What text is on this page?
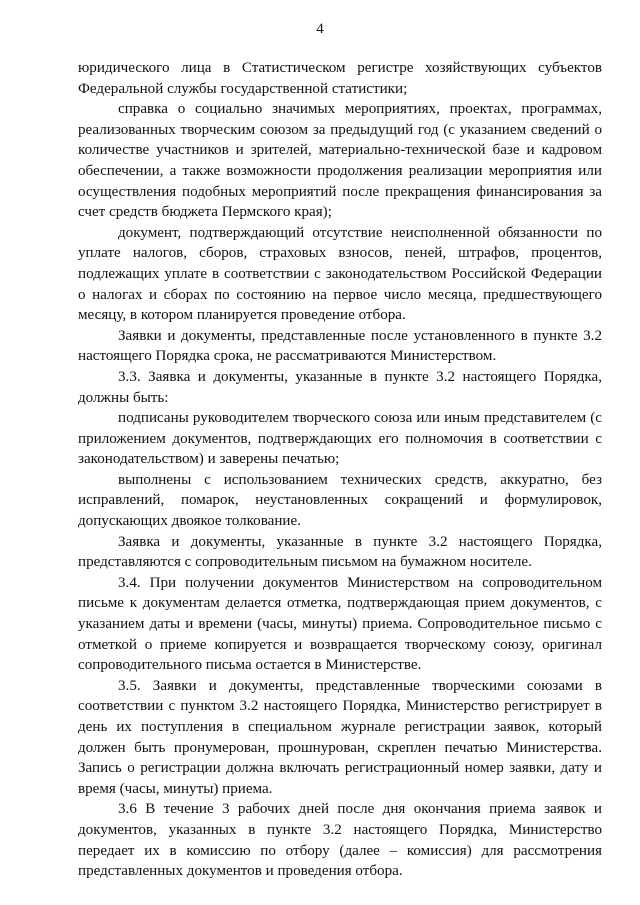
4

юридического лица в Статистическом регистре хозяйствующих субъектов Федеральной службы государственной статистики;

справка о социально значимых мероприятиях, проектах, программах, реализованных творческим союзом за предыдущий год (с указанием сведений о количестве участников и зрителей, материально-технической базе и кадровом обеспечении, а также возможности продолжения реализации мероприятия или осуществления подобных мероприятий после прекращения финансирования за счет средств бюджета Пермского края);

документ, подтверждающий отсутствие неисполненной обязанности по уплате налогов, сборов, страховых взносов, пеней, штрафов, процентов, подлежащих уплате в соответствии с законодательством Российской Федерации о налогах и сборах по состоянию на первое число месяца, предшествующего месяцу, в котором планируется проведение отбора.

Заявки и документы, представленные после установленного в пункте 3.2 настоящего Порядка срока, не рассматриваются Министерством.

3.3. Заявка и документы, указанные в пункте 3.2 настоящего Порядка, должны быть:

подписаны руководителем творческого союза или иным представителем (с приложением документов, подтверждающих его полномочия в соответствии с законодательством) и заверены печатью;

выполнены с использованием технических средств, аккуратно, без исправлений, помарок, неустановленных сокращений и формулировок, допускающих двоякое толкование.

Заявка и документы, указанные в пункте 3.2 настоящего Порядка, представляются с сопроводительным письмом на бумажном носителе.

3.4. При получении документов Министерством на сопроводительном письме к документам делается отметка, подтверждающая прием документов, с указанием даты и времени (часы, минуты) приема. Сопроводительное письмо с отметкой о приеме копируется и возвращается творческому союзу, оригинал сопроводительного письма остается в Министерстве.

3.5. Заявки и документы, представленные творческими союзами в соответствии с пунктом 3.2 настоящего Порядка, Министерство регистрирует в день их поступления в специальном журнале регистрации заявок, который должен быть пронумерован, прошнурован, скреплен печатью Министерства. Запись о регистрации должна включать регистрационный номер заявки, дату и время (часы, минуты) приема.

3.6 В течение 3 рабочих дней после дня окончания приема заявок и документов, указанных в пункте 3.2 настоящего Порядка, Министерство передает их в комиссию по отбору (далее – комиссия) для рассмотрения представленных документов и проведения отбора.
